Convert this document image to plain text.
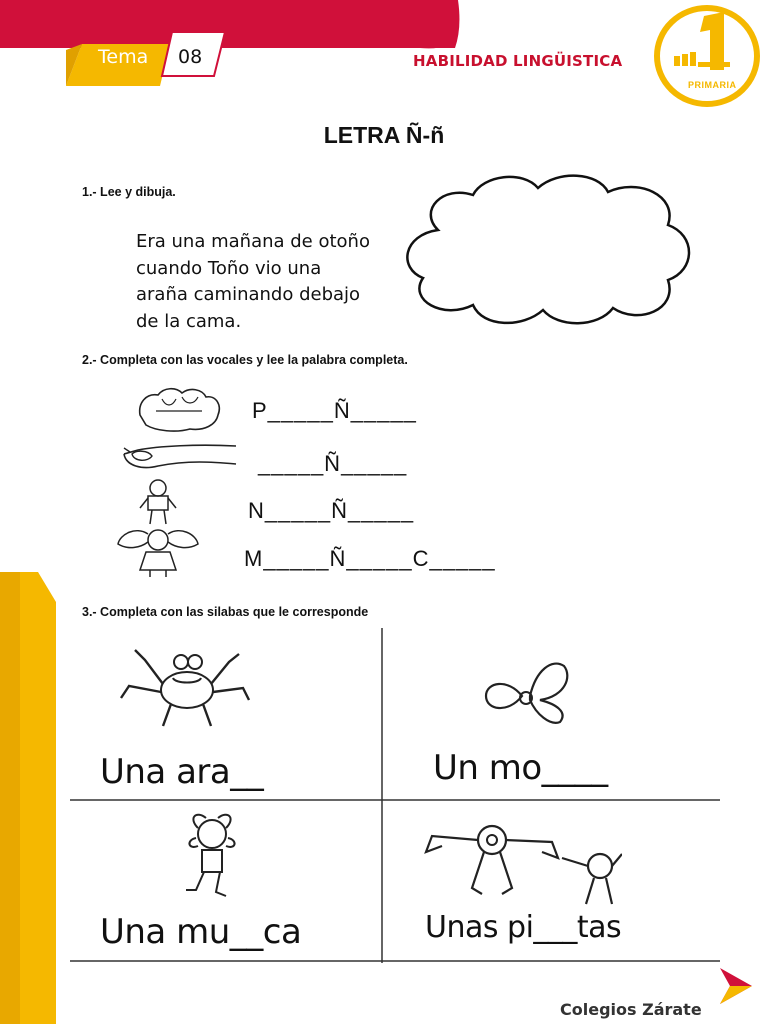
Tema 08	HABILIDAD LINGÜISTICA
PRIMARIA
LETRA Ñ-ñ
1.- Lee y dibuja.
Era una mañana de otoño
cuando Toño vio una
araña caminando debajo
de la cama.
2.- Completa con las vocales y lee la palabra completa.
P_____Ñ_____
_____Ñ_____
N_____Ñ_____
M_____Ñ_____C_____
3.- Completa con las silabas que le corresponde
Una ara__	Un mo____
Una mu__ca	Unas pi___tas
Colegios Zárate
